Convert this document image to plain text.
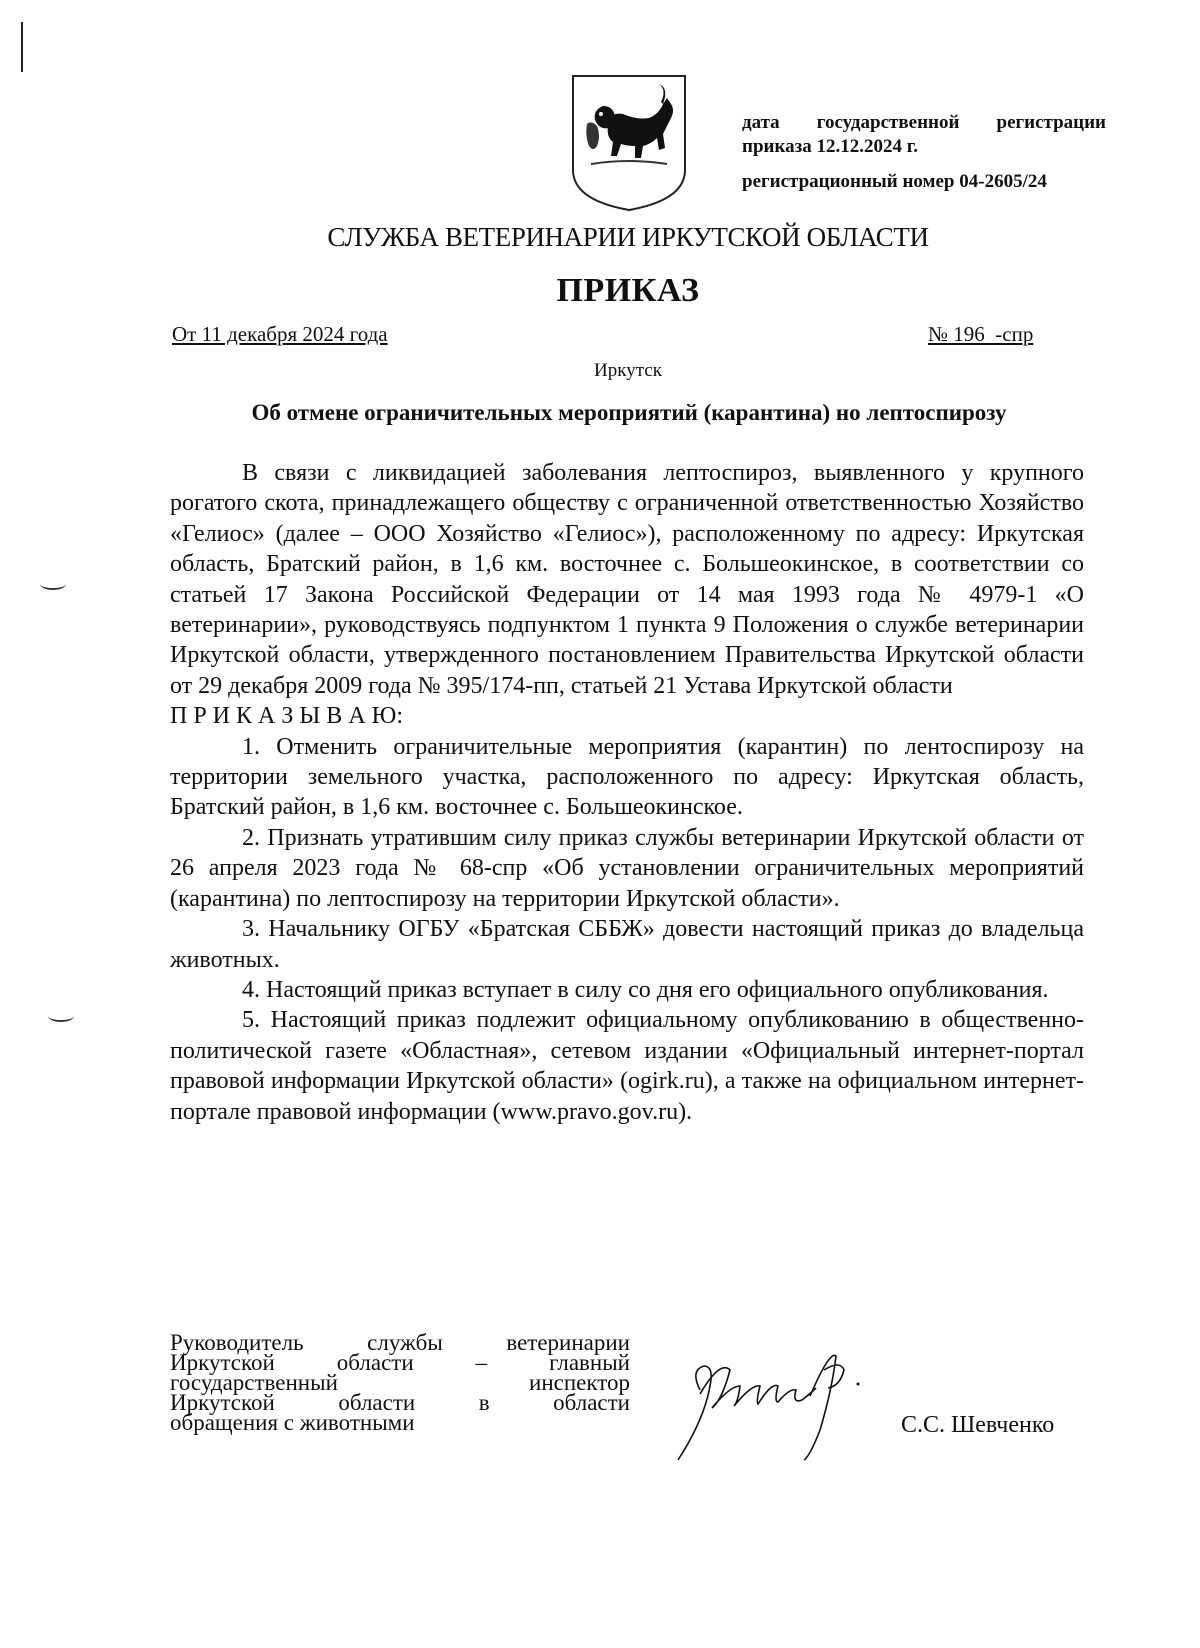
дата государственной регистрации
приказа 12.12.2024 г.
регистрационный номер 04-2605/24
СЛУЖБА ВЕТЕРИНАРИИ ИРКУТСКОЙ ОБЛАСТИ
ПРИКАЗ
От 11 декабря 2024 года	№ 196  -спр
Иркутск
Об отмене ограничительных мероприятий (карантина) но лептоспирозу

В связи с ликвидацией заболевания лептоспироз, выявленного у крупного рогатого скота, принадлежащего обществу с ограниченной ответственностью Хозяйство «Гелиос» (далее – ООО Хозяйство «Гелиос»), расположенному по адресу: Иркутская область, Братский район, в 1,6 км. восточнее с. Большеокинское, в соответствии со статьей 17 Закона Российской Федерации от 14 мая 1993 года № 4979-1 «О ветеринарии», руководствуясь подпунктом 1 пункта 9 Положения о службе ветеринарии Иркутской области, утвержденного постановлением Правительства Иркутской области от 29 декабря 2009 года № 395/174-пп, статьей 21 Устава Иркутской области

П Р И К А З Ы В А Ю:

1. Отменить ограничительные мероприятия (карантин) по лентоспирозу на территории земельного участка, расположенного по адресу: Иркутская область, Братский район, в 1,6 км. восточнее с. Большеокинское.

2. Признать утратившим силу приказ службы ветеринарии Иркутской области от 26 апреля 2023 года № 68-спр «Об установлении ограничительных мероприятий (карантина) по лептоспирозу на территории Иркутской области».

3. Начальнику ОГБУ «Братская СББЖ» довести настоящий приказ до владельца животных.

4. Настоящий приказ вступает в силу со дня его официального опубликования.

5. Настоящий приказ подлежит официальному опубликованию в общественно-политической газете «Областная», сетевом издании «Официальный интернет-портал правовой информации Иркутской области» (ogirk.ru), а также на официальном интернет-портале правовой информации (www.pravo.gov.ru).

Руководитель службы ветеринарии
Иркутской области – главный
государственный инспектор
Иркутской области в области
обращения с животными	С.С. Шевченко
